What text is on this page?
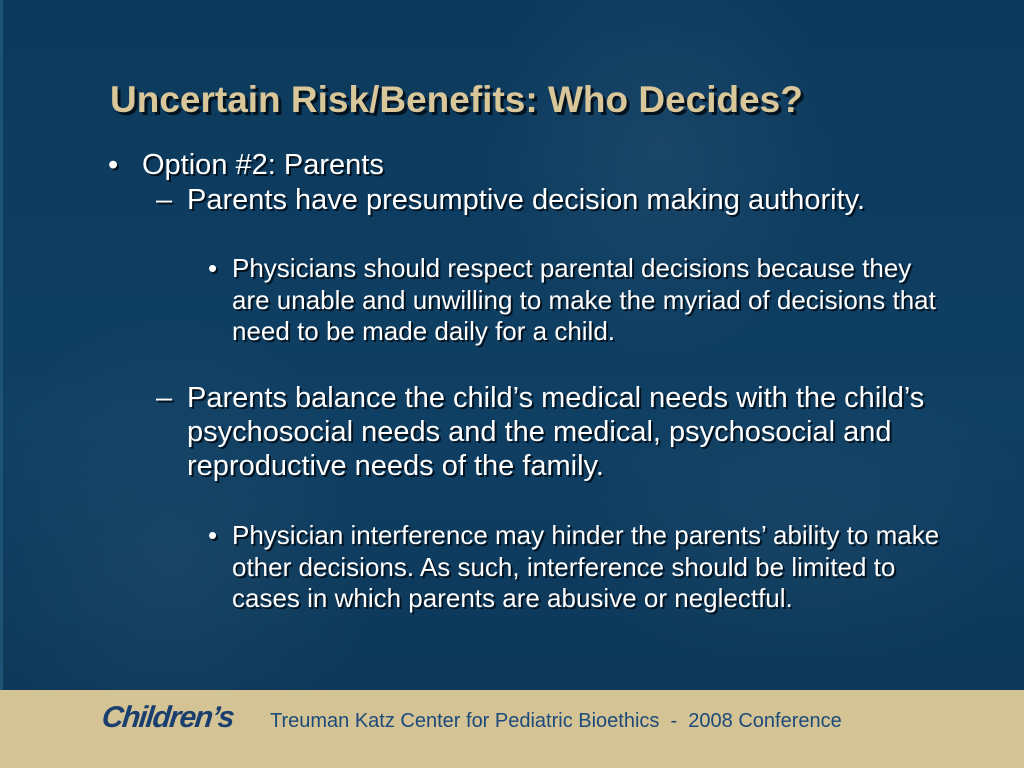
Uncertain Risk/Benefits: Who Decides?
• Option #2: Parents

– Parents have presumptive decision making authority.

• Physicians should respect parental decisions because they are unable and unwilling to make the myriad of decisions that need to be made daily for a child.

– Parents balance the child’s medical needs with the child’s psychosocial needs and the medical, psychosocial and reproductive needs of the family.

• Physician interference may hinder the parents’ ability to make other decisions. As such, interference should be limited to cases in which parents are abusive or neglectful.

Children’s Treuman Katz Center for Pediatric Bioethics  -  2008 Conference
